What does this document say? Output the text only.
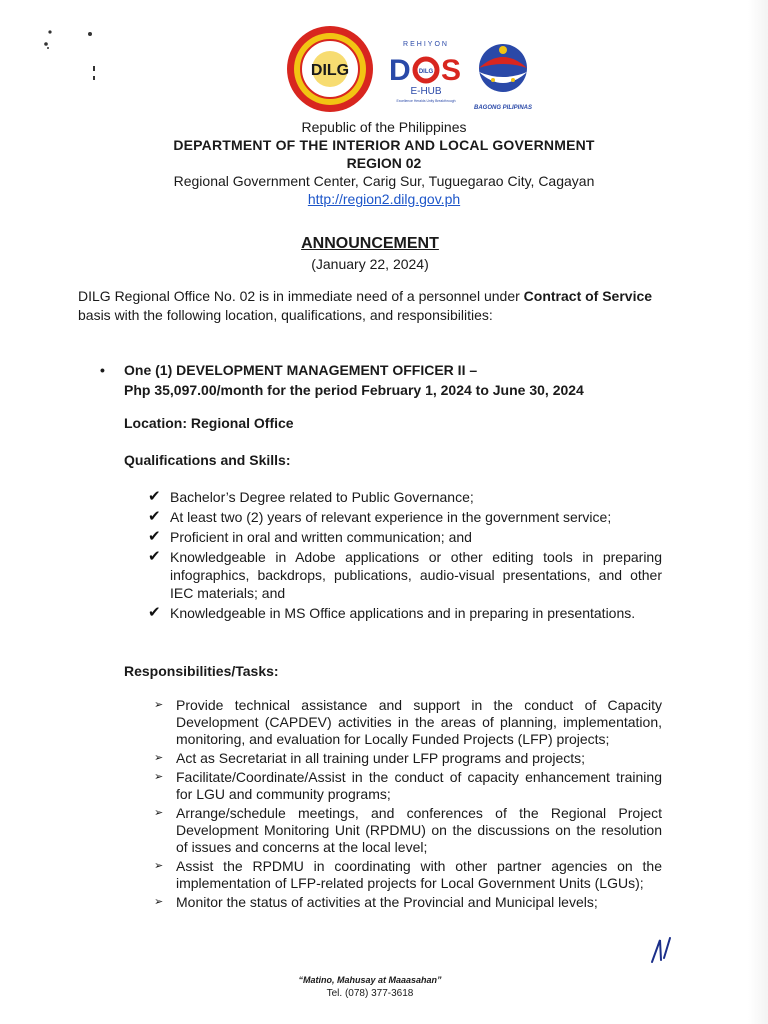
DILG
REHIYON
D DILG S
E-HUB
Excellence Heralds Unity Breakthrough
BAGONG PILIPINAS
Republic of the Philippines
DEPARTMENT OF THE INTERIOR AND LOCAL GOVERNMENT
REGION 02
Regional Government Center, Carig Sur, Tuguegarao City, Cagayan
http://region2.dilg.gov.ph
ANNOUNCEMENT
(January 22, 2024)
DILG Regional Office No. 02 is in immediate need of a personnel under Contract of Service basis with the following location, qualifications, and responsibilities:
• One (1) DEVELOPMENT MANAGEMENT OFFICER II –
Php 35,097.00/month for the period February 1, 2024 to June 30, 2024
Location: Regional Office
Qualifications and Skills:
✔ Bachelor’s Degree related to Public Governance;
✔ At least two (2) years of relevant experience in the government service;
✔ Proficient in oral and written communication; and
✔ Knowledgeable in Adobe applications or other editing tools in preparing infographics, backdrops, publications, audio-visual presentations, and other IEC materials; and
✔ Knowledgeable in MS Office applications and in preparing in presentations.
Responsibilities/Tasks:
➢ Provide technical assistance and support in the conduct of Capacity Development (CAPDEV) activities in the areas of planning, implementation, monitoring, and evaluation for Locally Funded Projects (LFP) projects;
➢ Act as Secretariat in all training under LFP programs and projects;
➢ Facilitate/Coordinate/Assist in the conduct of capacity enhancement training for LGU and community programs;
➢ Arrange/schedule meetings, and conferences of the Regional Project Development Monitoring Unit (RPDMU) on the discussions on the resolution of issues and concerns at the local level;
➢ Assist the RPDMU in coordinating with other partner agencies on the implementation of LFP-related projects for Local Government Units (LGUs);
➢ Monitor the status of activities at the Provincial and Municipal levels;
“Matino, Mahusay at Maaasahan”
Tel. (078) 377-3618
